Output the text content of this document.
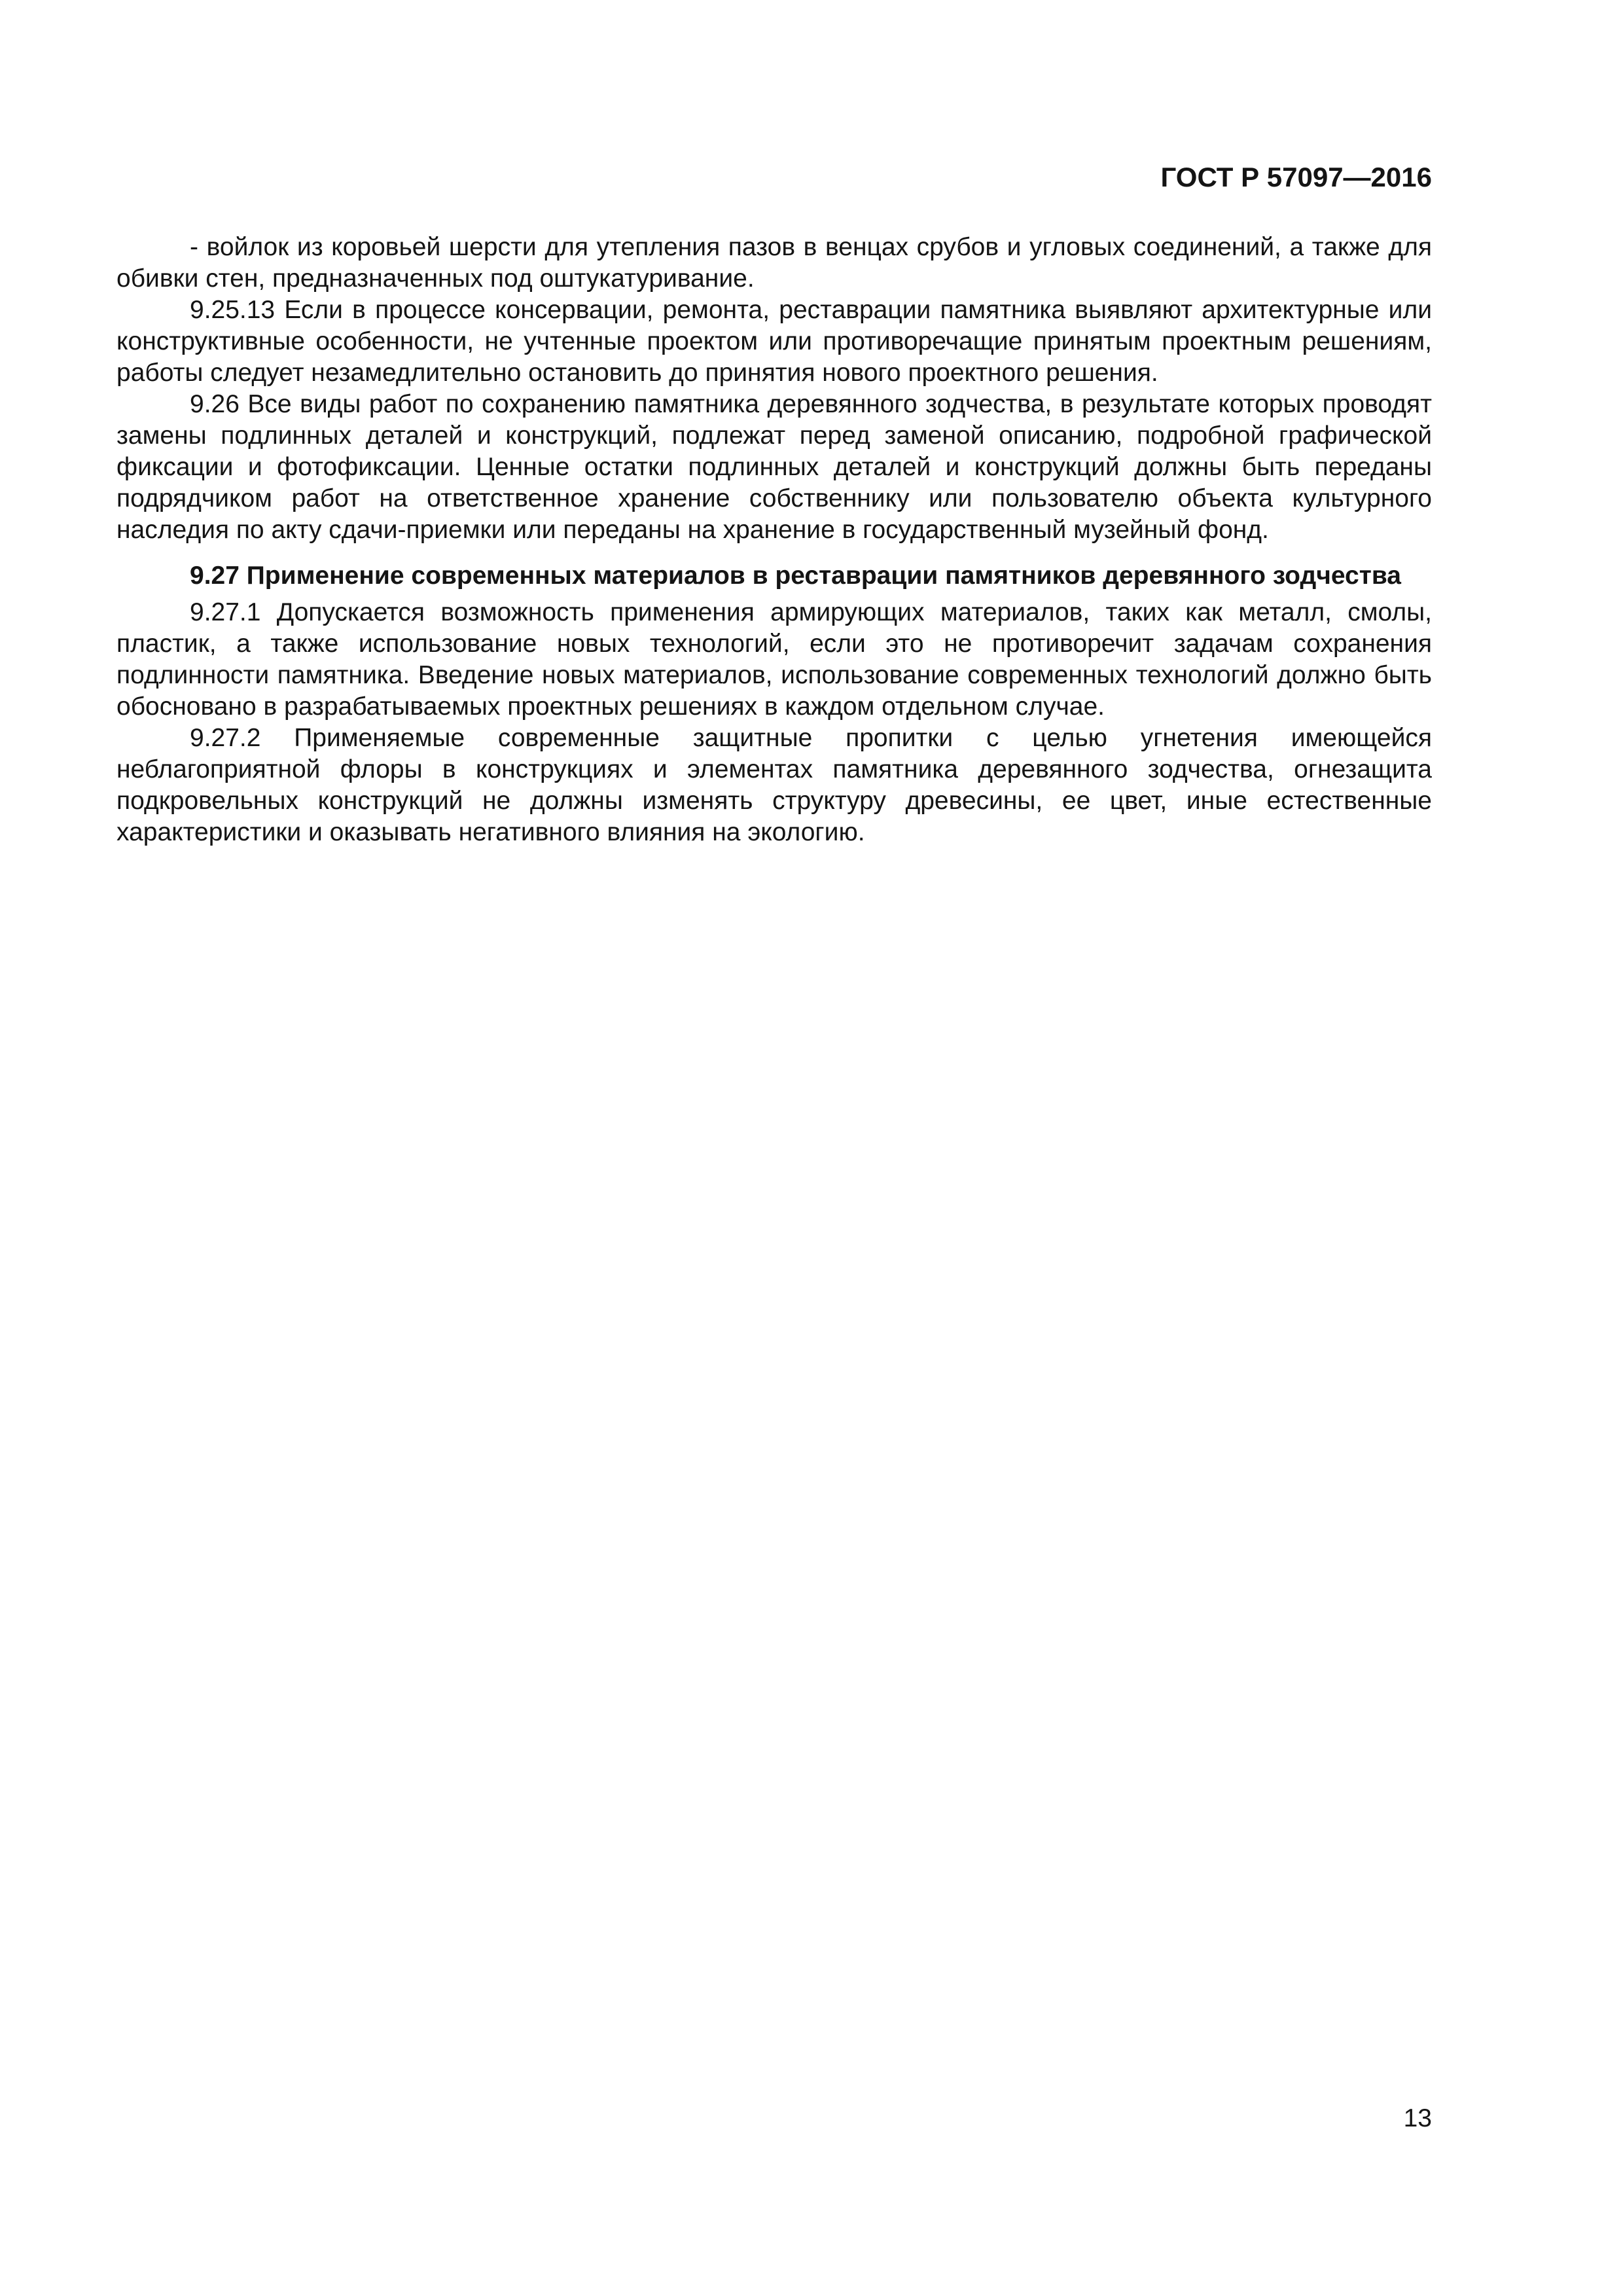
ГОСТ Р 57097—2016

- войлок из коровьей шерсти для утепления пазов в венцах срубов и угловых соединений, а также для обивки стен, предназначенных под оштукатуривание.

9.25.13 Если в процессе консервации, ремонта, реставрации памятника выявляют архитектурные или конструктивные особенности, не учтенные проектом или противоречащие принятым проектным решениям, работы следует незамедлительно остановить до принятия нового проектного решения.

9.26 Все виды работ по сохранению памятника деревянного зодчества, в результате которых проводят замены подлинных деталей и конструкций, подлежат перед заменой описанию, подробной графической фиксации и фотофиксации. Ценные остатки подлинных деталей и конструкций должны быть переданы подрядчиком работ на ответственное хранение собственнику или пользователю объекта культурного наследия по акту сдачи-приемки или переданы на хранение в государственный музейный фонд.

9.27 Применение современных материалов в реставрации памятников деревянного зодчества

9.27.1 Допускается возможность применения армирующих материалов, таких как металл, смолы, пластик, а также использование новых технологий, если это не противоречит задачам сохранения подлинности памятника. Введение новых материалов, использование современных технологий должно быть обосновано в разрабатываемых проектных решениях в каждом отдельном случае.

9.27.2 Применяемые современные защитные пропитки с целью угнетения имеющейся неблагоприятной флоры в конструкциях и элементах памятника деревянного зодчества, огнезащита подкровельных конструкций не должны изменять структуру древесины, ее цвет, иные естественные характеристики и оказывать негативного влияния на экологию.

13
